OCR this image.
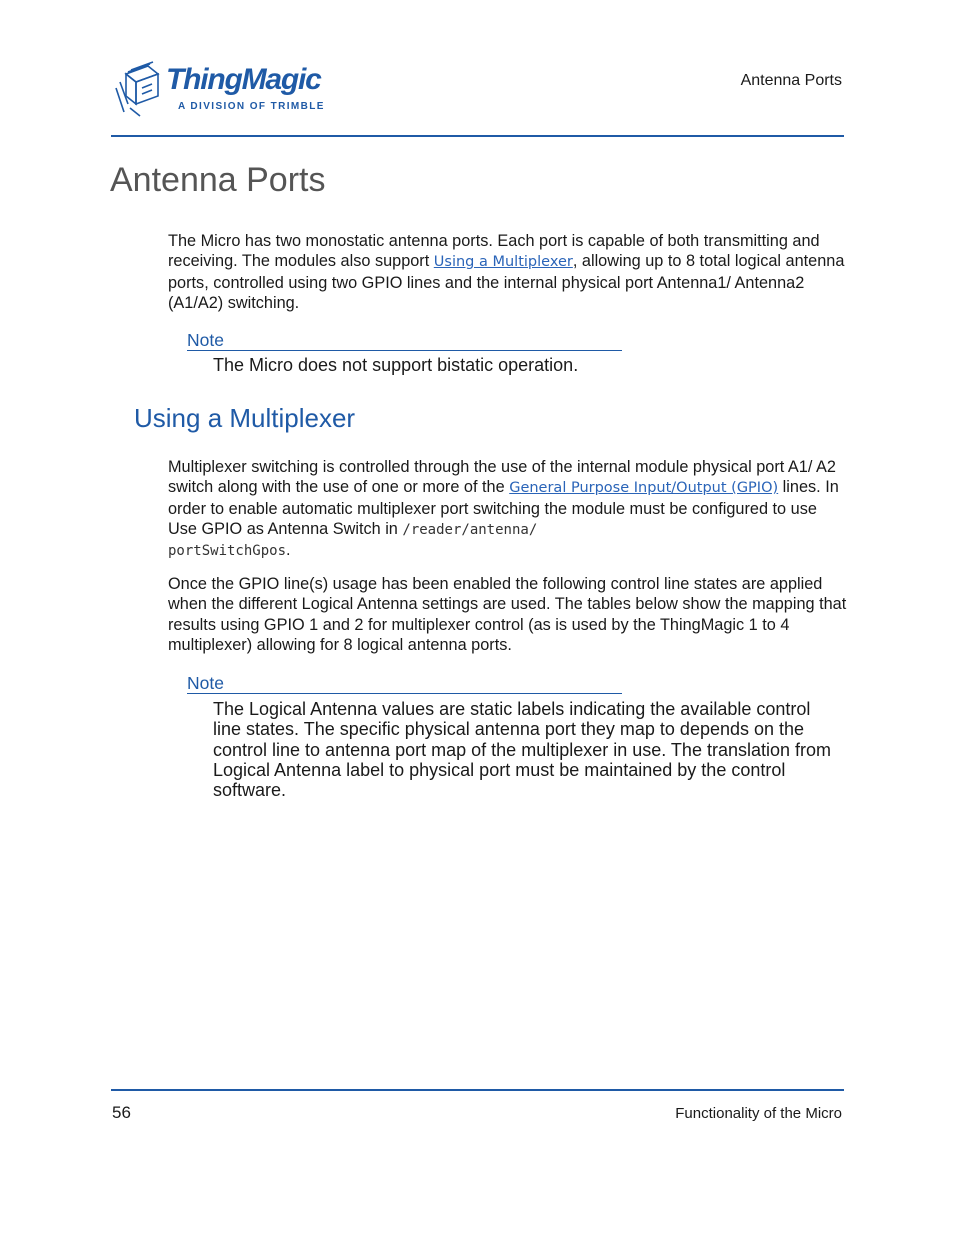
ThingMagic
A DIVISION OF TRIMBLE
Antenna Ports
Antenna Ports

The Micro has two monostatic antenna ports. Each port is capable of both transmitting and receiving. The modules also support Using a Multiplexer, allowing up to 8 total logical antenna ports, controlled using two GPIO lines and the internal physical port Antenna1/ Antenna2 (A1/A2) switching.

Note

The Micro does not support bistatic operation.

Using a Multiplexer

Multiplexer switching is controlled through the use of the internal module physical port A1/ A2 switch along with the use of one or more of the General Purpose Input/Output (GPIO) lines. In order to enable automatic multiplexer port switching the module must be configured to use Use GPIO as Antenna Switch in /reader/antenna/
portSwitchGpos.

Once the GPIO line(s) usage has been enabled the following control line states are applied when the different Logical Antenna settings are used. The tables below show the mapping that results using GPIO 1 and 2 for multiplexer control (as is used by the ThingMagic 1 to 4 multiplexer) allowing for 8 logical antenna ports.

Note

The Logical Antenna values are static labels indicating the available control line states. The specific physical antenna port they map to depends on the control line to antenna port map of the multiplexer in use. The translation from Logical Antenna label to physical port must be maintained by the control software.

56	Functionality of the Micro
